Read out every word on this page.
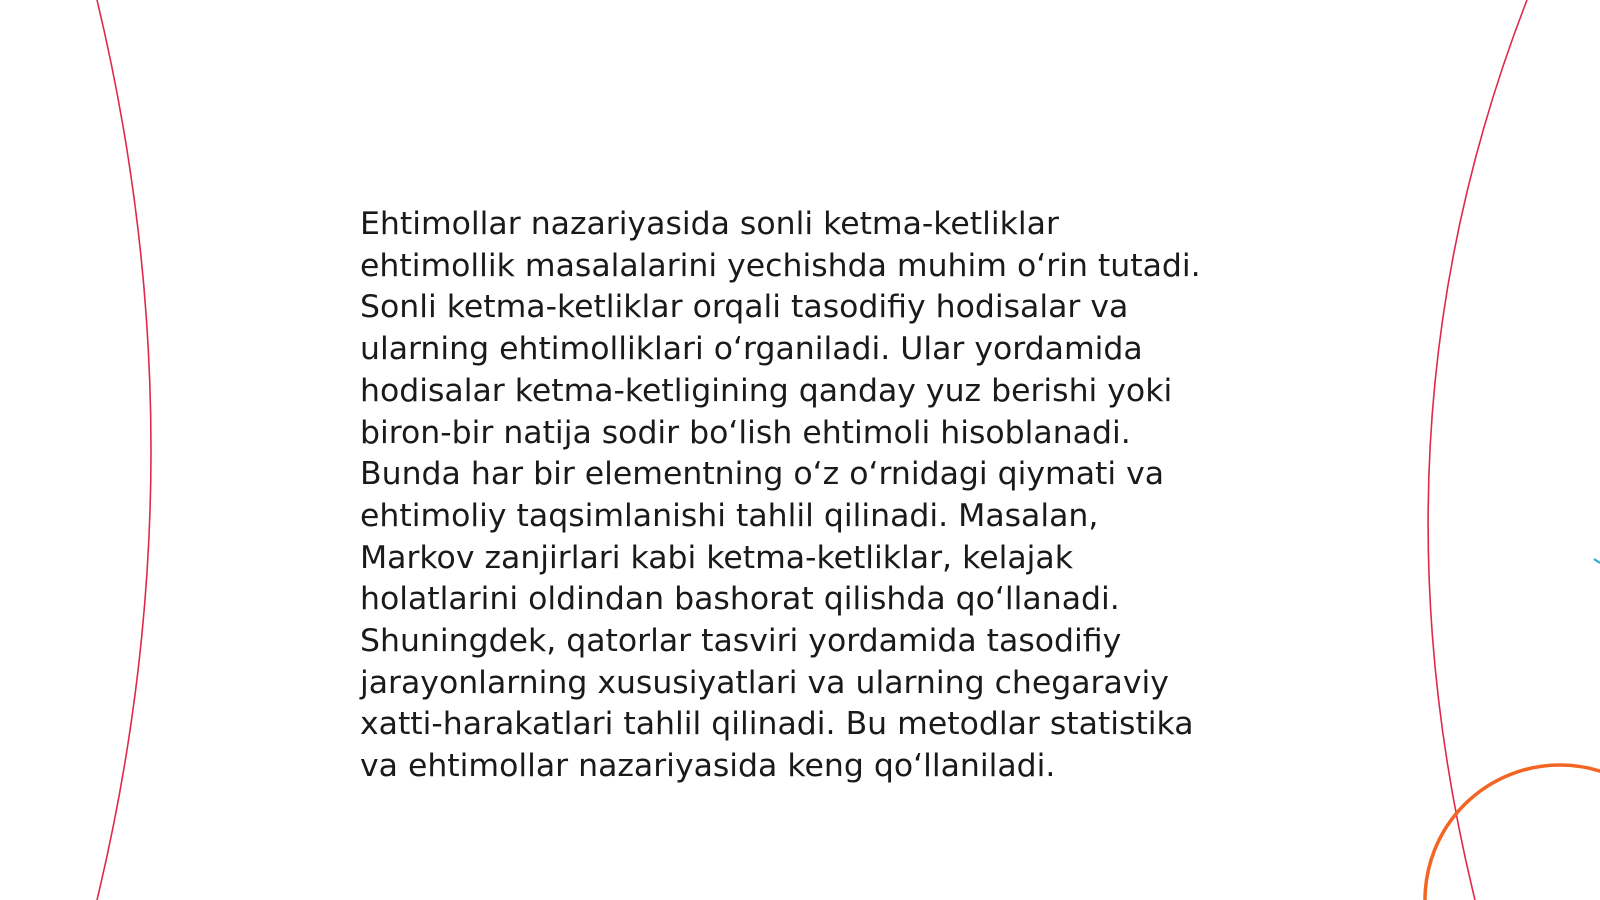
Ehtimollar nazariyasida sonli ketma-ketliklar
ehtimollik masalalarini yechishda muhim o‘rin tutadi.
Sonli ketma-ketliklar orqali tasodifiy hodisalar va
ularning ehtimolliklari o‘rganiladi. Ular yordamida
hodisalar ketma-ketligining qanday yuz berishi yoki
biron-bir natija sodir bo‘lish ehtimoli hisoblanadi.
Bunda har bir elementning o‘z o‘rnidagi qiymati va
ehtimoliy taqsimlanishi tahlil qilinadi. Masalan,
Markov zanjirlari kabi ketma-ketliklar, kelajak
holatlarini oldindan bashorat qilishda qo‘llanadi.
Shuningdek, qatorlar tasviri yordamida tasodifiy
jarayonlarning xususiyatlari va ularning chegaraviy
xatti-harakatlari tahlil qilinadi. Bu metodlar statistika
va ehtimollar nazariyasida keng qo‘llaniladi.
